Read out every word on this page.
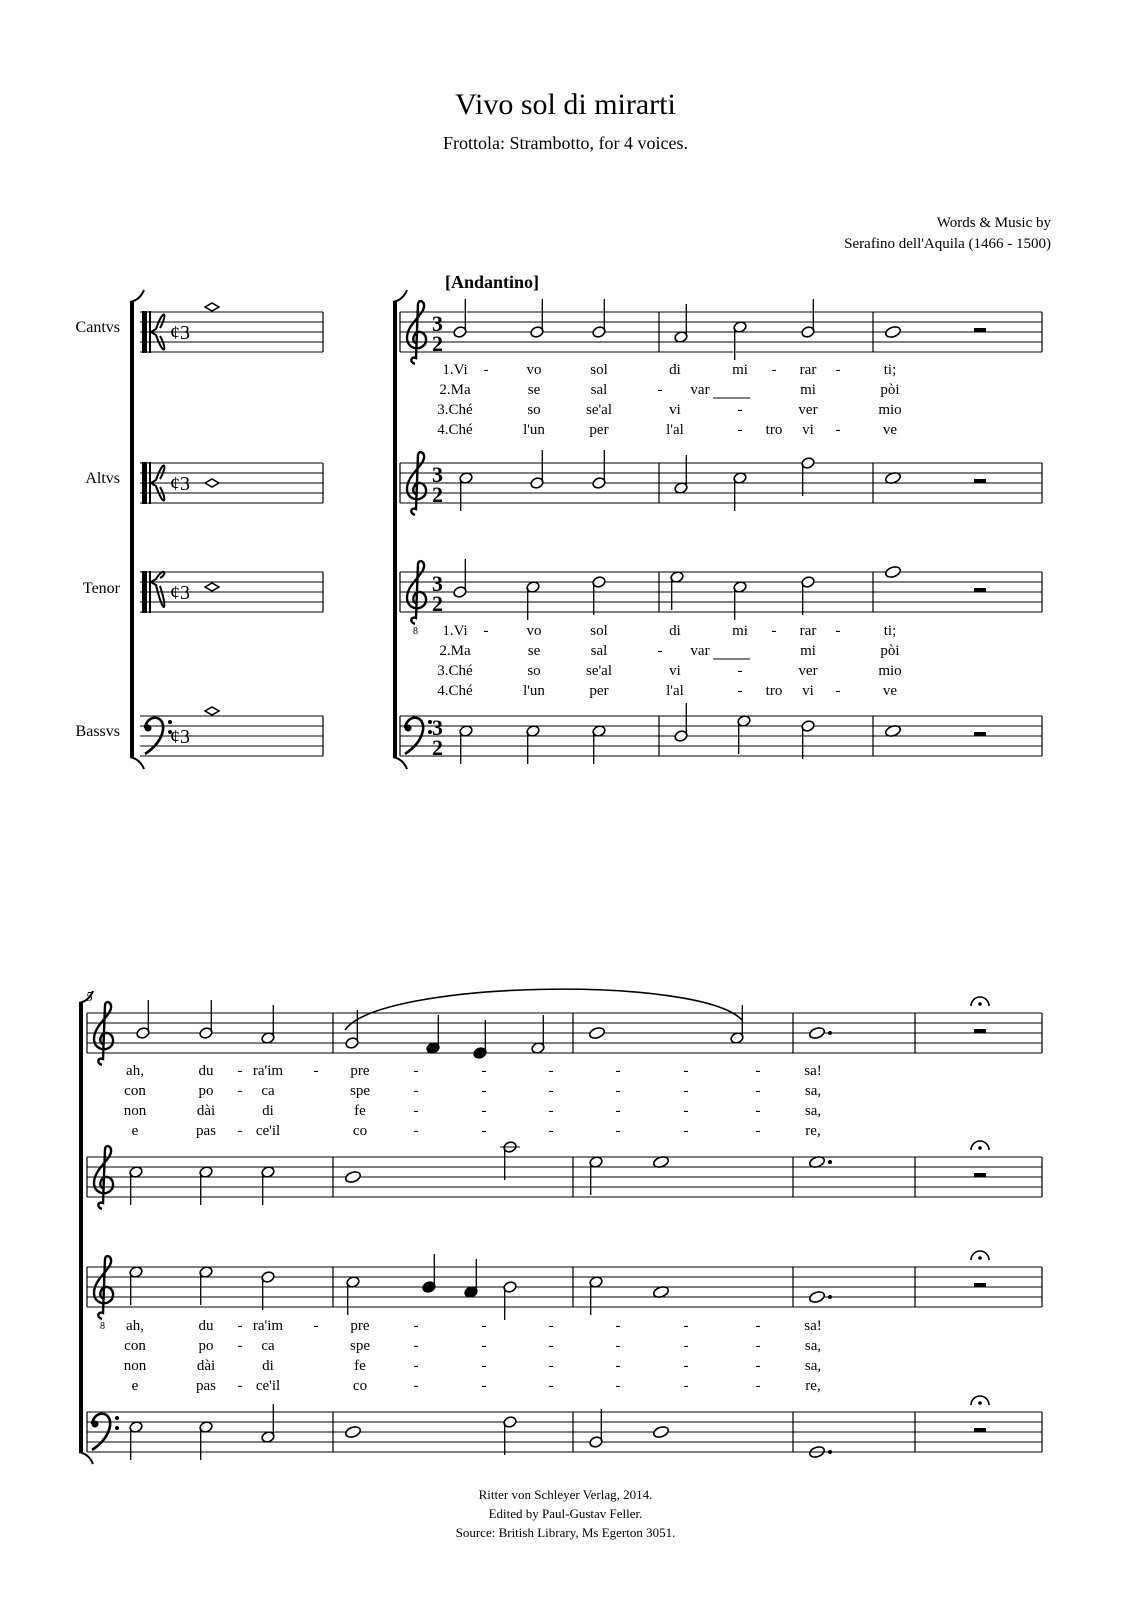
Vivo sol di mirarti
Frottola: Strambotto, for 4 voices.
Words & Music by
Serafino dell'Aquila (1466 - 1500)
[Andantino]
Cantvs
Altvs
Tenor
Bassvs
5
Ritter von Schleyer Verlag, 2014.
Edited by Paul-Gustav Feller.
Source: British Library, Ms Egerton 3051.
¢3
¢3
¢3
¢3
8
3
2
3
2
3
2
3
2
1.Vi -	vo	sol	di	mi - rar -	ti;
2.Ma	se	sal	- var	mi	pòi
3.Ché	so	se'al	vi	-	ver	mio
4.Ché	l'un	per	l'al	- tro vi -	ve
1.Vi -	vo	sol	di	mi - rar -	ti;
2.Ma	se	sal	- var	mi	pòi
3.Ché	so	se'al	vi	-	ver	mio
4.Ché	l'un	per	l'al	- tro vi -	ve
8
ah,	du - ra'im - pre	sa!
-	-	-	-	-	-
con	po	ca	spe	sa,
-	-	-	-	-	-
non	dài	di	fe	sa,
-	-	-	-	-	-
e	pas - ce'il	co	re,
-	-	-	-	-	-
-
ah,	du - ra'im - pre	sa!
-	-	-	-	-	-
con	po	ca	spe	sa,
-	-	-	-	-	-
non	dài	di	fe	sa,
-	-	-	-	-	-
e	pas - ce'il	co	re,
-	-	-	-	-	-
-
